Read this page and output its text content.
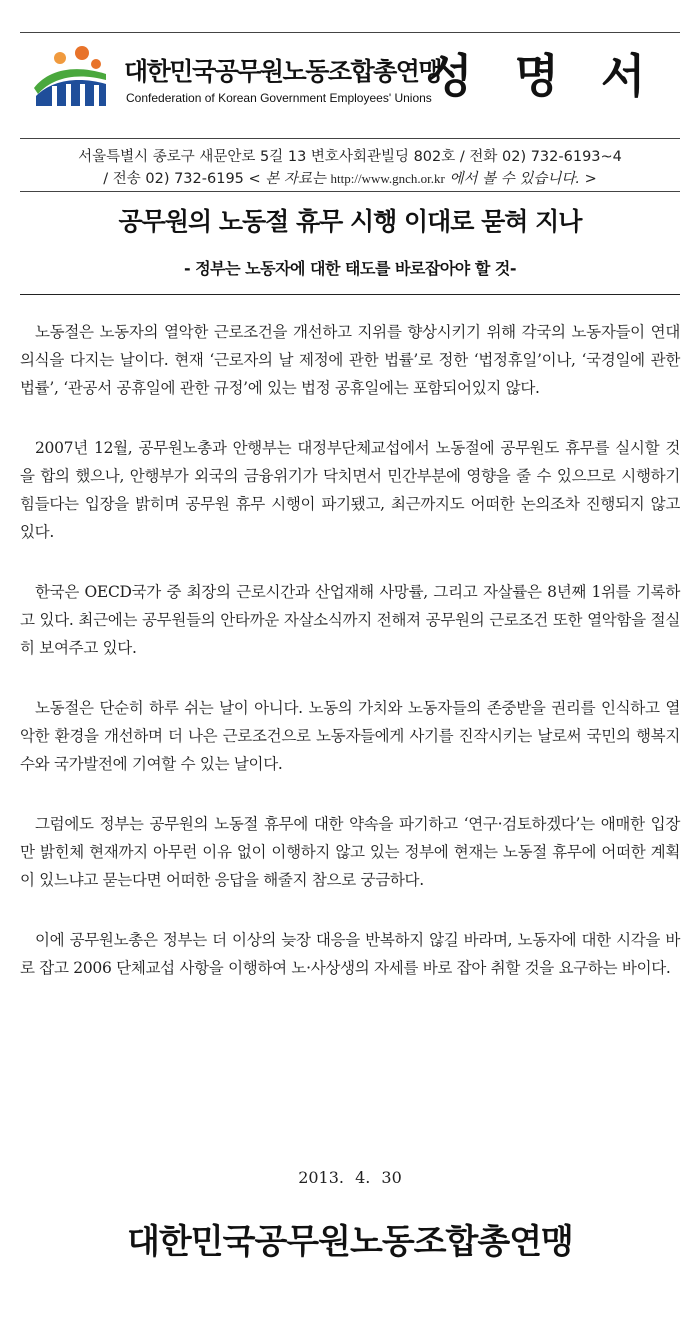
대한민국공무원노동조합총연맹
Confederation of Korean Government Employees' Unions
성 명 서
서울특별시 종로구 새문안로 5길 13 변호사회관빌딩 802호 / 전화 02) 732-6193~4
/ 전송 02) 732-6195 < 본 자료는 http://www.gnch.or.kr 에서 볼 수 있습니다. >
공무원의 노동절 휴무 시행 이대로 묻혀 지나
- 정부는 노동자에 대한 태도를 바로잡아야 할 것-

노동절은 노동자의 열악한 근로조건을 개선하고 지위를 향상시키기 위해 각국의 노동자들이 연대의식을 다지는 날이다. 현재 ‘근로자의 날 제정에 관한 법률’로 정한 ‘법정휴일’이나, ‘국경일에 관한 법률’, ‘관공서 공휴일에 관한 규정’에 있는 법정 공휴일에는 포함되어있지 않다.

2007년 12월, 공무원노총과 안행부는 대정부단체교섭에서 노동절에 공무원도 휴무를 실시할 것을 합의 했으나, 안행부가 외국의 금융위기가 닥치면서 민간부분에 영향을 줄 수 있으므로 시행하기 힘들다는 입장을 밝히며 공무원 휴무 시행이 파기됐고, 최근까지도 어떠한 논의조차 진행되지 않고 있다.

한국은 OECD국가 중 최장의 근로시간과 산업재해 사망률, 그리고 자살률은 8년째 1위를 기록하고 있다. 최근에는 공무원들의 안타까운 자살소식까지 전해져 공무원의 근로조건 또한 열악함을 절실히 보여주고 있다.

노동절은 단순히 하루 쉬는 날이 아니다. 노동의 가치와 노동자들의 존중받을 권리를 인식하고 열악한 환경을 개선하며 더 나은 근로조건으로 노동자들에게 사기를 진작시키는 날로써 국민의 행복지수와 국가발전에 기여할 수 있는 날이다.

그럼에도 정부는 공무원의 노동절 휴무에 대한 약속을 파기하고 ‘연구·검토하겠다’는 애매한 입장만 밝힌체 현재까지 아무런 이유 없이 이행하지 않고 있는 정부에 현재는 노동절 휴무에 어떠한 계획이 있느냐고 묻는다면 어떠한 응답을 해줄지 참으로 궁금하다.

이에 공무원노총은 정부는 더 이상의 늦장 대응을 반복하지 않길 바라며, 노동자에 대한 시각을 바로 잡고 2006 단체교섭 사항을 이행하여 노·사상생의 자세를 바로 잡아 취할 것을 요구하는 바이다.

2013. 4. 30
대한민국공무원노동조합총연맹
